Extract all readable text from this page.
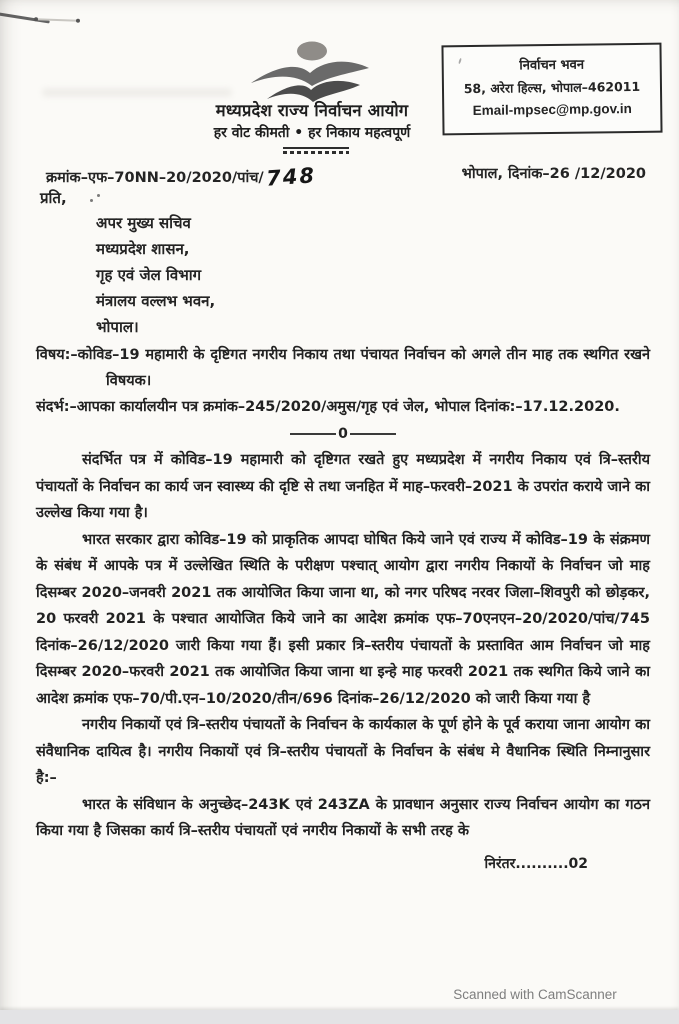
मध्यप्रदेश राज्य निर्वाचन आयोग
हर वोट कीमती • हर निकाय महत्वपूर्ण
निर्वाचन भवन
58, अरेरा हिल्स, भोपाल–462011
Email-mpsec@mp.gov.in
क्रमांक–एफ–70NN–20/2020/पांच/748	भोपाल, दिनांक–26 /12/2020
प्रति,
अपर मुख्य सचिव
मध्यप्रदेश शासन,
गृह एवं जेल विभाग
मंत्रालय वल्लभ भवन,
भोपाल।
विषय:–कोविड–19 महामारी के दृष्टिगत नगरीय निकाय तथा पंचायत निर्वाचन को अगले तीन माह तक स्थगित रखने विषयक।
संदर्भ:–आपका कार्यालयीन पत्र क्रमांक–245/2020/अमुस/गृह एवं जेल, भोपाल दिनांक:–17.12.2020.
0

संदर्भित पत्र में कोविड–19 महामारी को दृष्टिगत रखते हुए मध्यप्रदेश में नगरीय निकाय एवं त्रि–स्तरीय पंचायतों के निर्वाचन का कार्य जन स्वास्थ्य की दृष्टि से तथा जनहित में माह–फरवरी–2021 के उपरांत कराये जाने का उल्लेख किया गया है।

भारत सरकार द्वारा कोविड–19 को प्राकृतिक आपदा घोषित किये जाने एवं राज्य में कोविड–19 के संक्रमण के संबंध में आपके पत्र में उल्लेखित स्थिति के परीक्षण पश्चात् आयोग द्वारा नगरीय निकायों के निर्वाचन जो माह दिसम्बर 2020–जनवरी 2021 तक आयोजित किया जाना था, को नगर परिषद नरवर जिला–शिवपुरी को छोड़कर, 20 फरवरी 2021 के पश्चात आयोजित किये जाने का आदेश क्रमांक एफ–70एनएन–20/2020/पांच/745 दिनांक–26/12/2020 जारी किया गया हैं। इसी प्रकार त्रि–स्तरीय पंचायतों के प्रस्तावित आम निर्वाचन जो माह दिसम्बर 2020–फरवरी 2021 तक आयोजित किया जाना था इन्हे माह फरवरी 2021 तक स्थगित किये जाने का आदेश क्रमांक एफ–70/पी.एन–10/2020/तीन/696 दिनांक–26/12/2020 को जारी किया गया है

नगरीय निकायों एवं त्रि–स्तरीय पंचायतों के निर्वाचन के कार्यकाल के पूर्ण होने के पूर्व कराया जाना आयोग का संवैधानिक दायित्व है। नगरीय निकायों एवं त्रि–स्तरीय पंचायतों के निर्वाचन के संबंध मे वैधानिक स्थिति निम्नानुसार है:–

भारत के संविधान के अनुच्छेद–243K एवं 243ZA के प्रावधान अनुसार राज्य निर्वाचन आयोग का गठन किया गया है जिसका कार्य त्रि–स्तरीय पंचायतों एवं नगरीय निकायों के सभी तरह के

निरंतर..........02
Scanned with CamScanner
